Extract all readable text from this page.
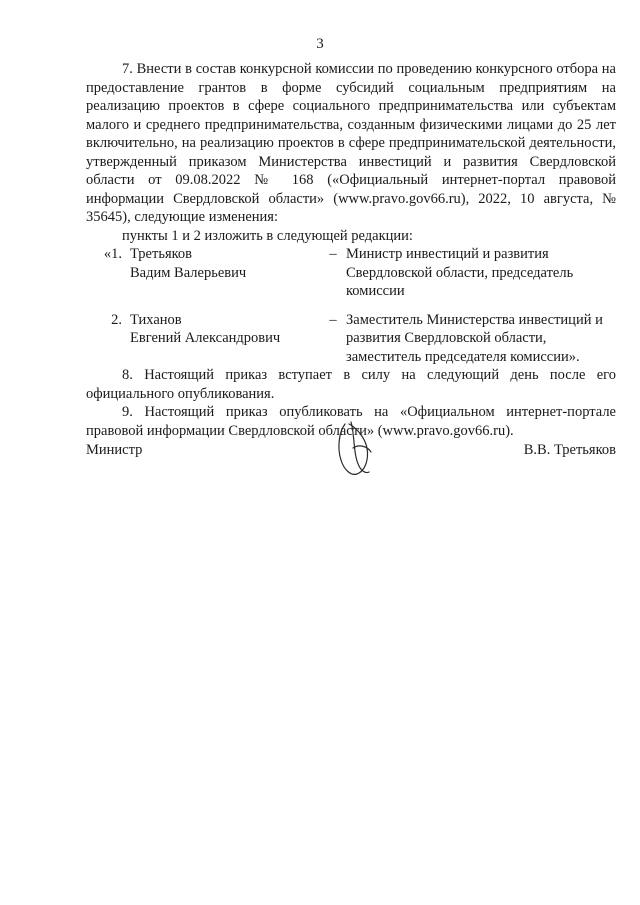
3

7. Внести в состав конкурсной комиссии по проведению конкурсного отбора на предоставление грантов в форме субсидий социальным предприятиям на реализацию проектов в сфере социального предпринимательства или субъектам малого и среднего предпринимательства, созданным физическими лицами до 25 лет включительно, на реализацию проектов в сфере предпринимательской деятельности, утвержденный приказом Министерства инвестиций и развития Свердловской области от 09.08.2022 № 168 («Официальный интернет-портал правовой информации Свердловской области» (www.pravo.gov66.ru), 2022, 10 августа, № 35645), следующие изменения:

пункты 1 и 2 изложить в следующей редакции:

«1.	Третьяков
Вадим Валерьевич	–	Министр инвестиций и развития Свердловской области, председатель комиссии

2.	Тиханов
Евгений Александрович	–	Заместитель Министерства инвестиций и развития Свердловской области, заместитель председателя комиссии».

8. Настоящий приказ вступает в силу на следующий день после его официального опубликования.

9. Настоящий приказ опубликовать на «Официальном интернет-портале правовой информации Свердловской области» (www.pravo.gov66.ru).

Министр	В.В. Третьяков
